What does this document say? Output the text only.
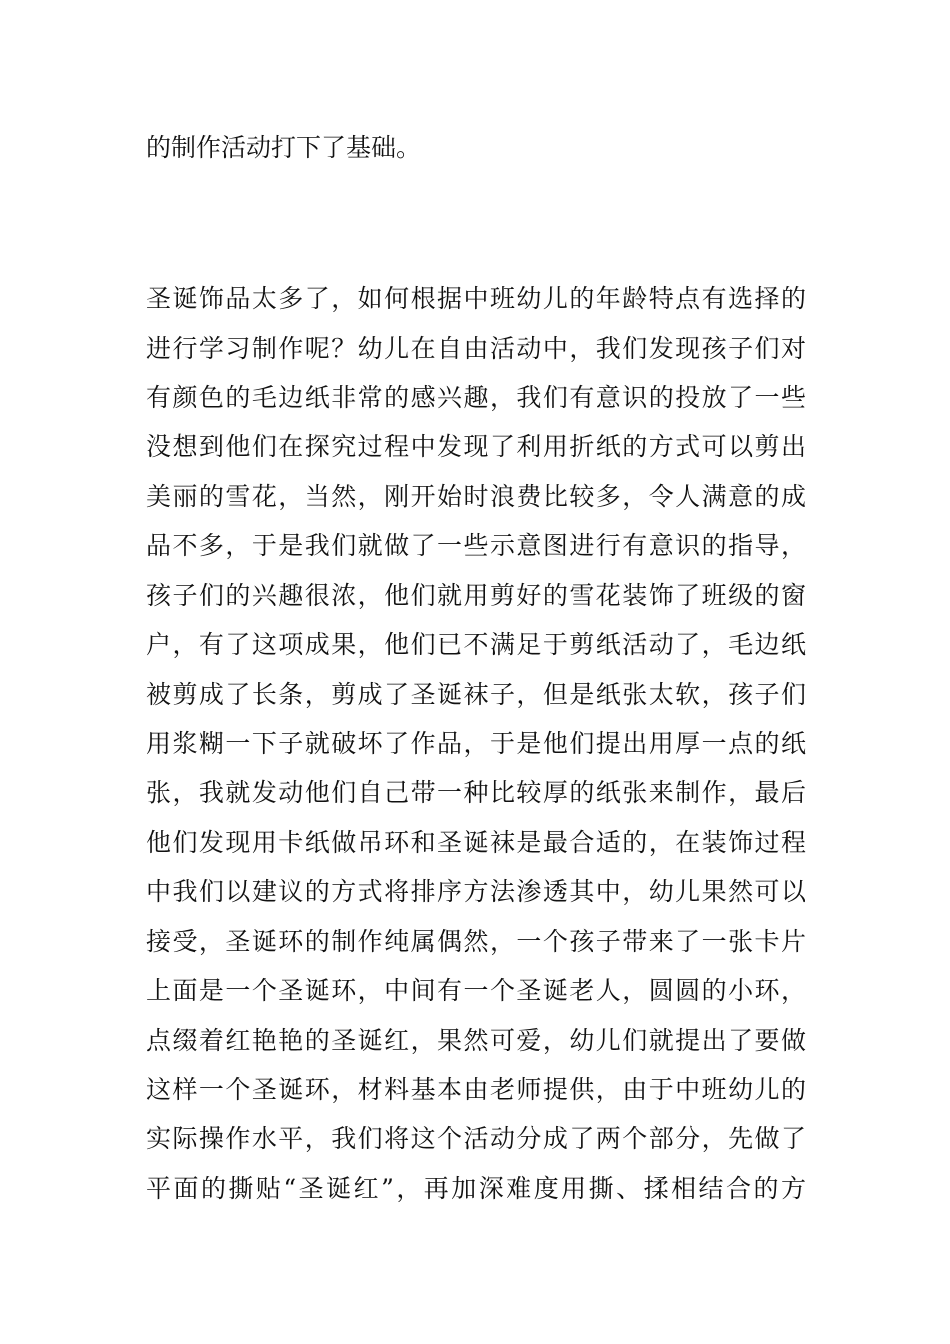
的制作活动打下了基础。
圣诞饰品太多了，如何根据中班幼儿的年龄特点有选择的
进行学习制作呢？幼儿在自由活动中，我们发现孩子们对
有颜色的毛边纸非常的感兴趣，我们有意识的投放了一些
没想到他们在探究过程中发现了利用折纸的方式可以剪出
美丽的雪花，当然，刚开始时浪费比较多，令人满意的成
品不多，于是我们就做了一些示意图进行有意识的指导，
孩子们的兴趣很浓，他们就用剪好的雪花装饰了班级的窗
户，有了这项成果，他们已不满足于剪纸活动了，毛边纸
被剪成了长条，剪成了圣诞袜子，但是纸张太软，孩子们
用浆糊一下子就破坏了作品，于是他们提出用厚一点的纸
张，我就发动他们自己带一种比较厚的纸张来制作，最后
他们发现用卡纸做吊环和圣诞袜是最合适的，在装饰过程
中我们以建议的方式将排序方法渗透其中，幼儿果然可以
接受，圣诞环的制作纯属偶然，一个孩子带来了一张卡片
上面是一个圣诞环，中间有一个圣诞老人，圆圆的小环，
点缀着红艳艳的圣诞红，果然可爱，幼儿们就提出了要做
这样一个圣诞环，材料基本由老师提供，由于中班幼儿的
实际操作水平，我们将这个活动分成了两个部分，先做了
平面的撕贴“圣诞红”，再加深难度用撕、揉相结合的方
